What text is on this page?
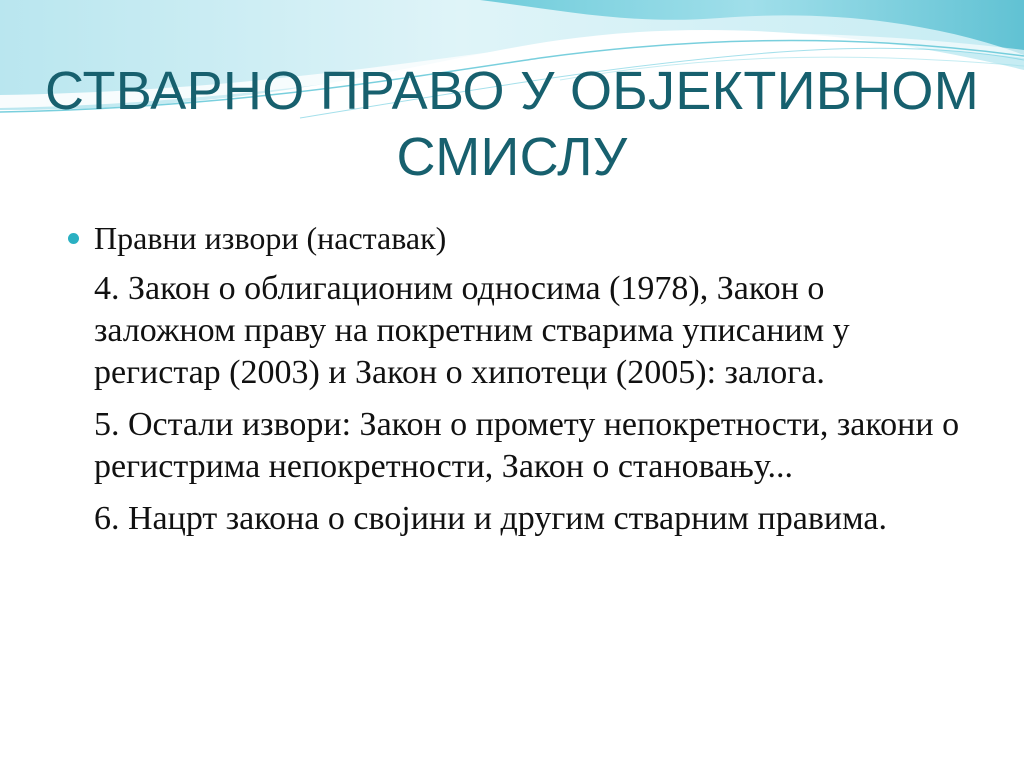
СТВАРНО ПРАВО У ОБЈЕКТИВНОМ СМИСЛУ
Правни извори (наставак)

4. Закон о облигационим односима (1978), Закон о заложном праву на покретним стварима уписаним у регистар (2003) и Закон о хипотеци (2005): залога.

5. Остали извори: Закон о промету непокретности, закони о регистрима непокретности, Закон о становању...

6. Нацрт закона о својини и другим стварним правима.
